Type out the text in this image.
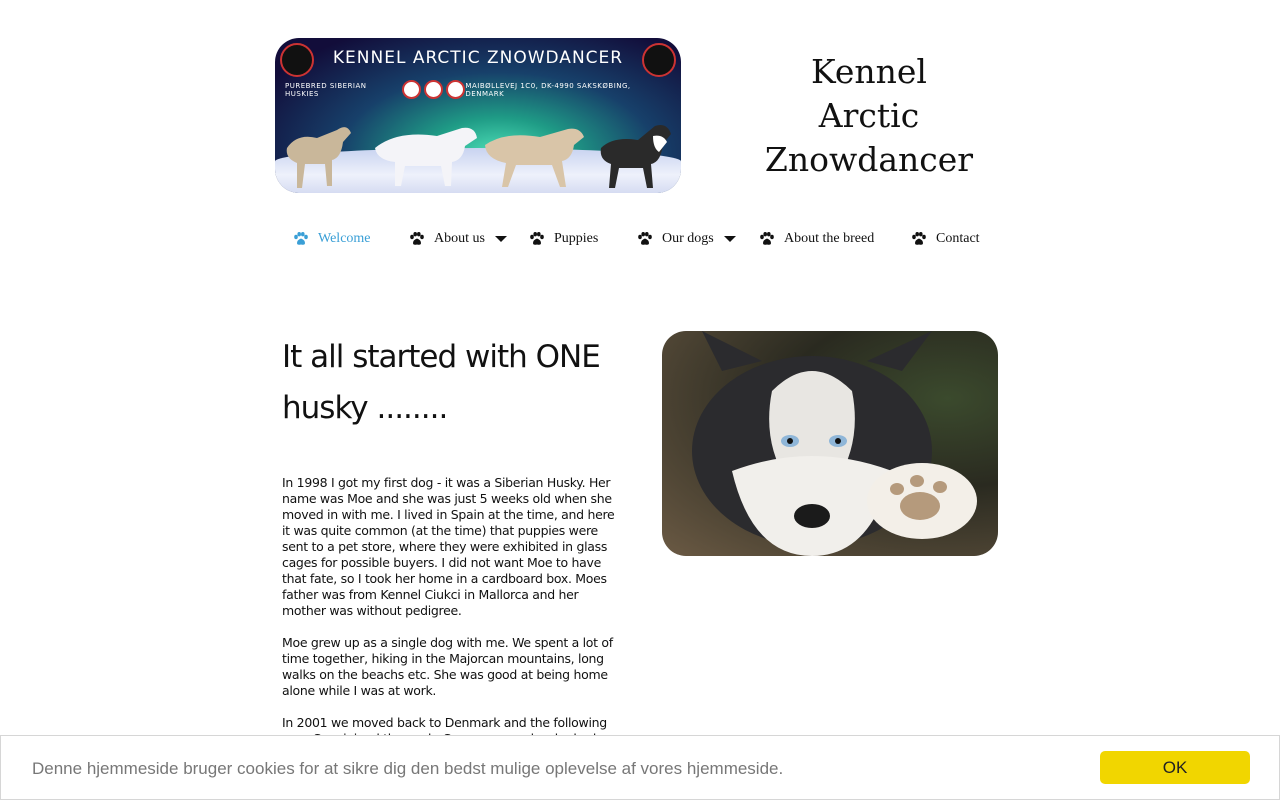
KENNEL ARCTIC ZNOWDANCER
PUREBRED SIBERIAN HUSKIES
MAIBØLLEVEJ 1C0, DK-4990 SAKSKØBING, DENMARK
Kennel
Arctic
Znowdancer
Welcome	About us	Puppies	Our dogs	About the breed	Contact
It all started with ONE husky ........

In 1998 I got my first dog - it was a Siberian Husky. Her name was Moe and she was just 5 weeks old when she moved in with me. I lived in Spain at the time, and here it was quite common (at the time) that puppies were sent to a pet store, where they were exhibited in glass cages for possible buyers. I did not want Moe to have that fate, so I took her home in a cardboard box. Moes father was from Kennel Ciukci in Mallorca and her mother was without pedigree.

Moe grew up as a single dog with me. We spent a lot of time together, hiking in the Majorcan mountains, long walks on the beachs etc. She was good at being home alone while I was at work.

In 2001 we moved back to Denmark and the following

Denne hjemmeside bruger cookies for at sikre dig den bedst mulige oplevelse af vores hjemmeside.	OK
